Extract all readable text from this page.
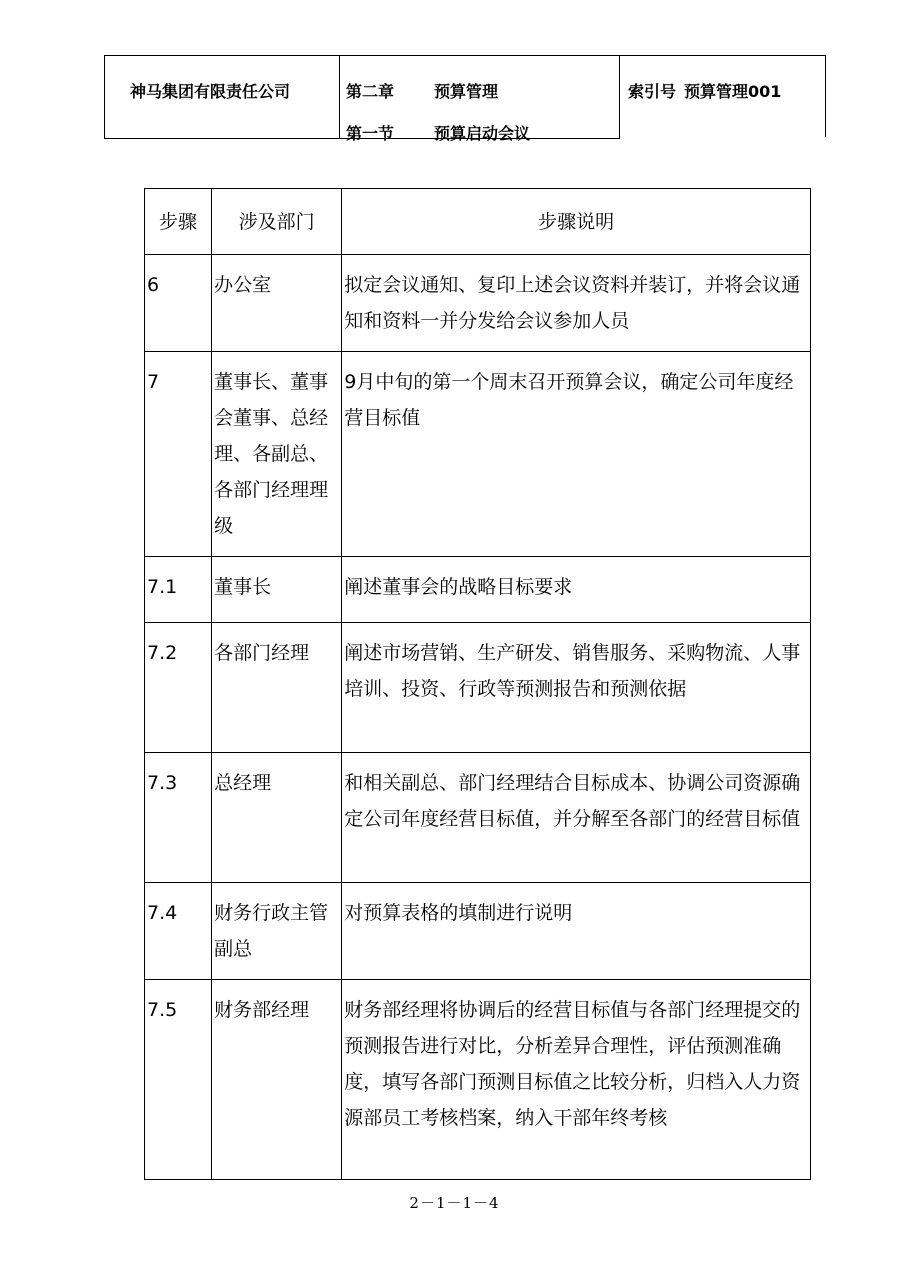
神马集团有限责任公司	第二章 预算管理
第一节 预算启动会议
索引号 预算管理001
步骤	涉及部门	步骤说明
6	办公室	拟定会议通知、复印上述会议资料并装订，并将会议通知和资料一并分发给会议参加人员
7	董事长、董事会董事、总经理、各副总、各部门经理理级	9月中旬的第一个周末召开预算会议，确定公司年度经营目标值
7.1	董事长	阐述董事会的战略目标要求
7.2	各部门经理	阐述市场营销、生产研发、销售服务、采购物流、人事培训、投资、行政等预测报告和预测依据
7.3	总经理	和相关副总、部门经理结合目标成本、协调公司资源确定公司年度经营目标值，并分解至各部门的经营目标值
7.4	财务行政主管副总	对预算表格的填制进行说明
7.5	财务部经理	财务部经理将协调后的经营目标值与各部门经理提交的预测报告进行对比，分析差异合理性，评估预测准确度，填写各部门预测目标值之比较分析，归档入人力资源部员工考核档案，纳入干部年终考核
2－1－1－4
